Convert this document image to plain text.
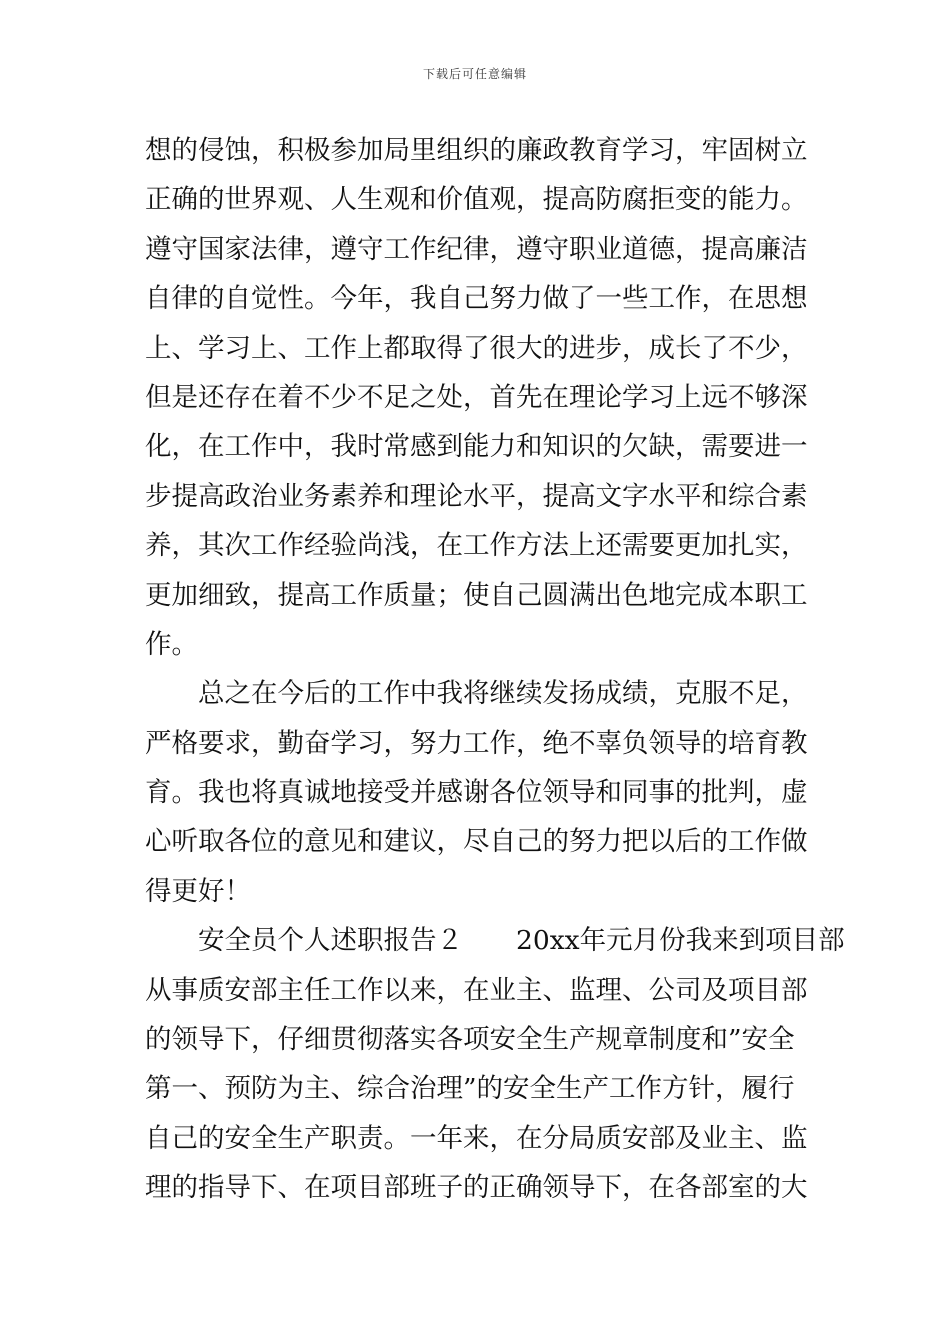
下载后可任意编辑
想的侵蚀，积极参加局里组织的廉政教育学习，牢固树立
正确的世界观、人生观和价值观，提高防腐拒变的能力。
遵守国家法律，遵守工作纪律，遵守职业道德，提高廉洁
自律的自觉性。今年，我自己努力做了一些工作，在思想
上、学习上、工作上都取得了很大的进步，成长了不少，
但是还存在着不少不足之处，首先在理论学习上远不够深
化，在工作中，我时常感到能力和知识的欠缺，需要进一
步提高政治业务素养和理论水平，提高文字水平和综合素
养，其次工作经验尚浅，在工作方法上还需要更加扎实，
更加细致，提高工作质量；使自己圆满出色地完成本职工
作。
　　总之在今后的工作中我将继续发扬成绩，克服不足，
严格要求，勤奋学习，努力工作，绝不辜负领导的培育教
育。我也将真诚地接受并感谢各位领导和同事的批判，虚
心听取各位的意见和建议，尽自己的努力把以后的工作做
得更好！
　　安全员个人述职报告２　　20xx年元月份我来到项目部
从事质安部主任工作以来，在业主、监理、公司及项目部
的领导下，仔细贯彻落实各项安全生产规章制度和”安全
第一、预防为主、综合治理”的安全生产工作方针，履行
自己的安全生产职责。一年来，在分局质安部及业主、监
理的指导下、在项目部班子的正确领导下，在各部室的大
